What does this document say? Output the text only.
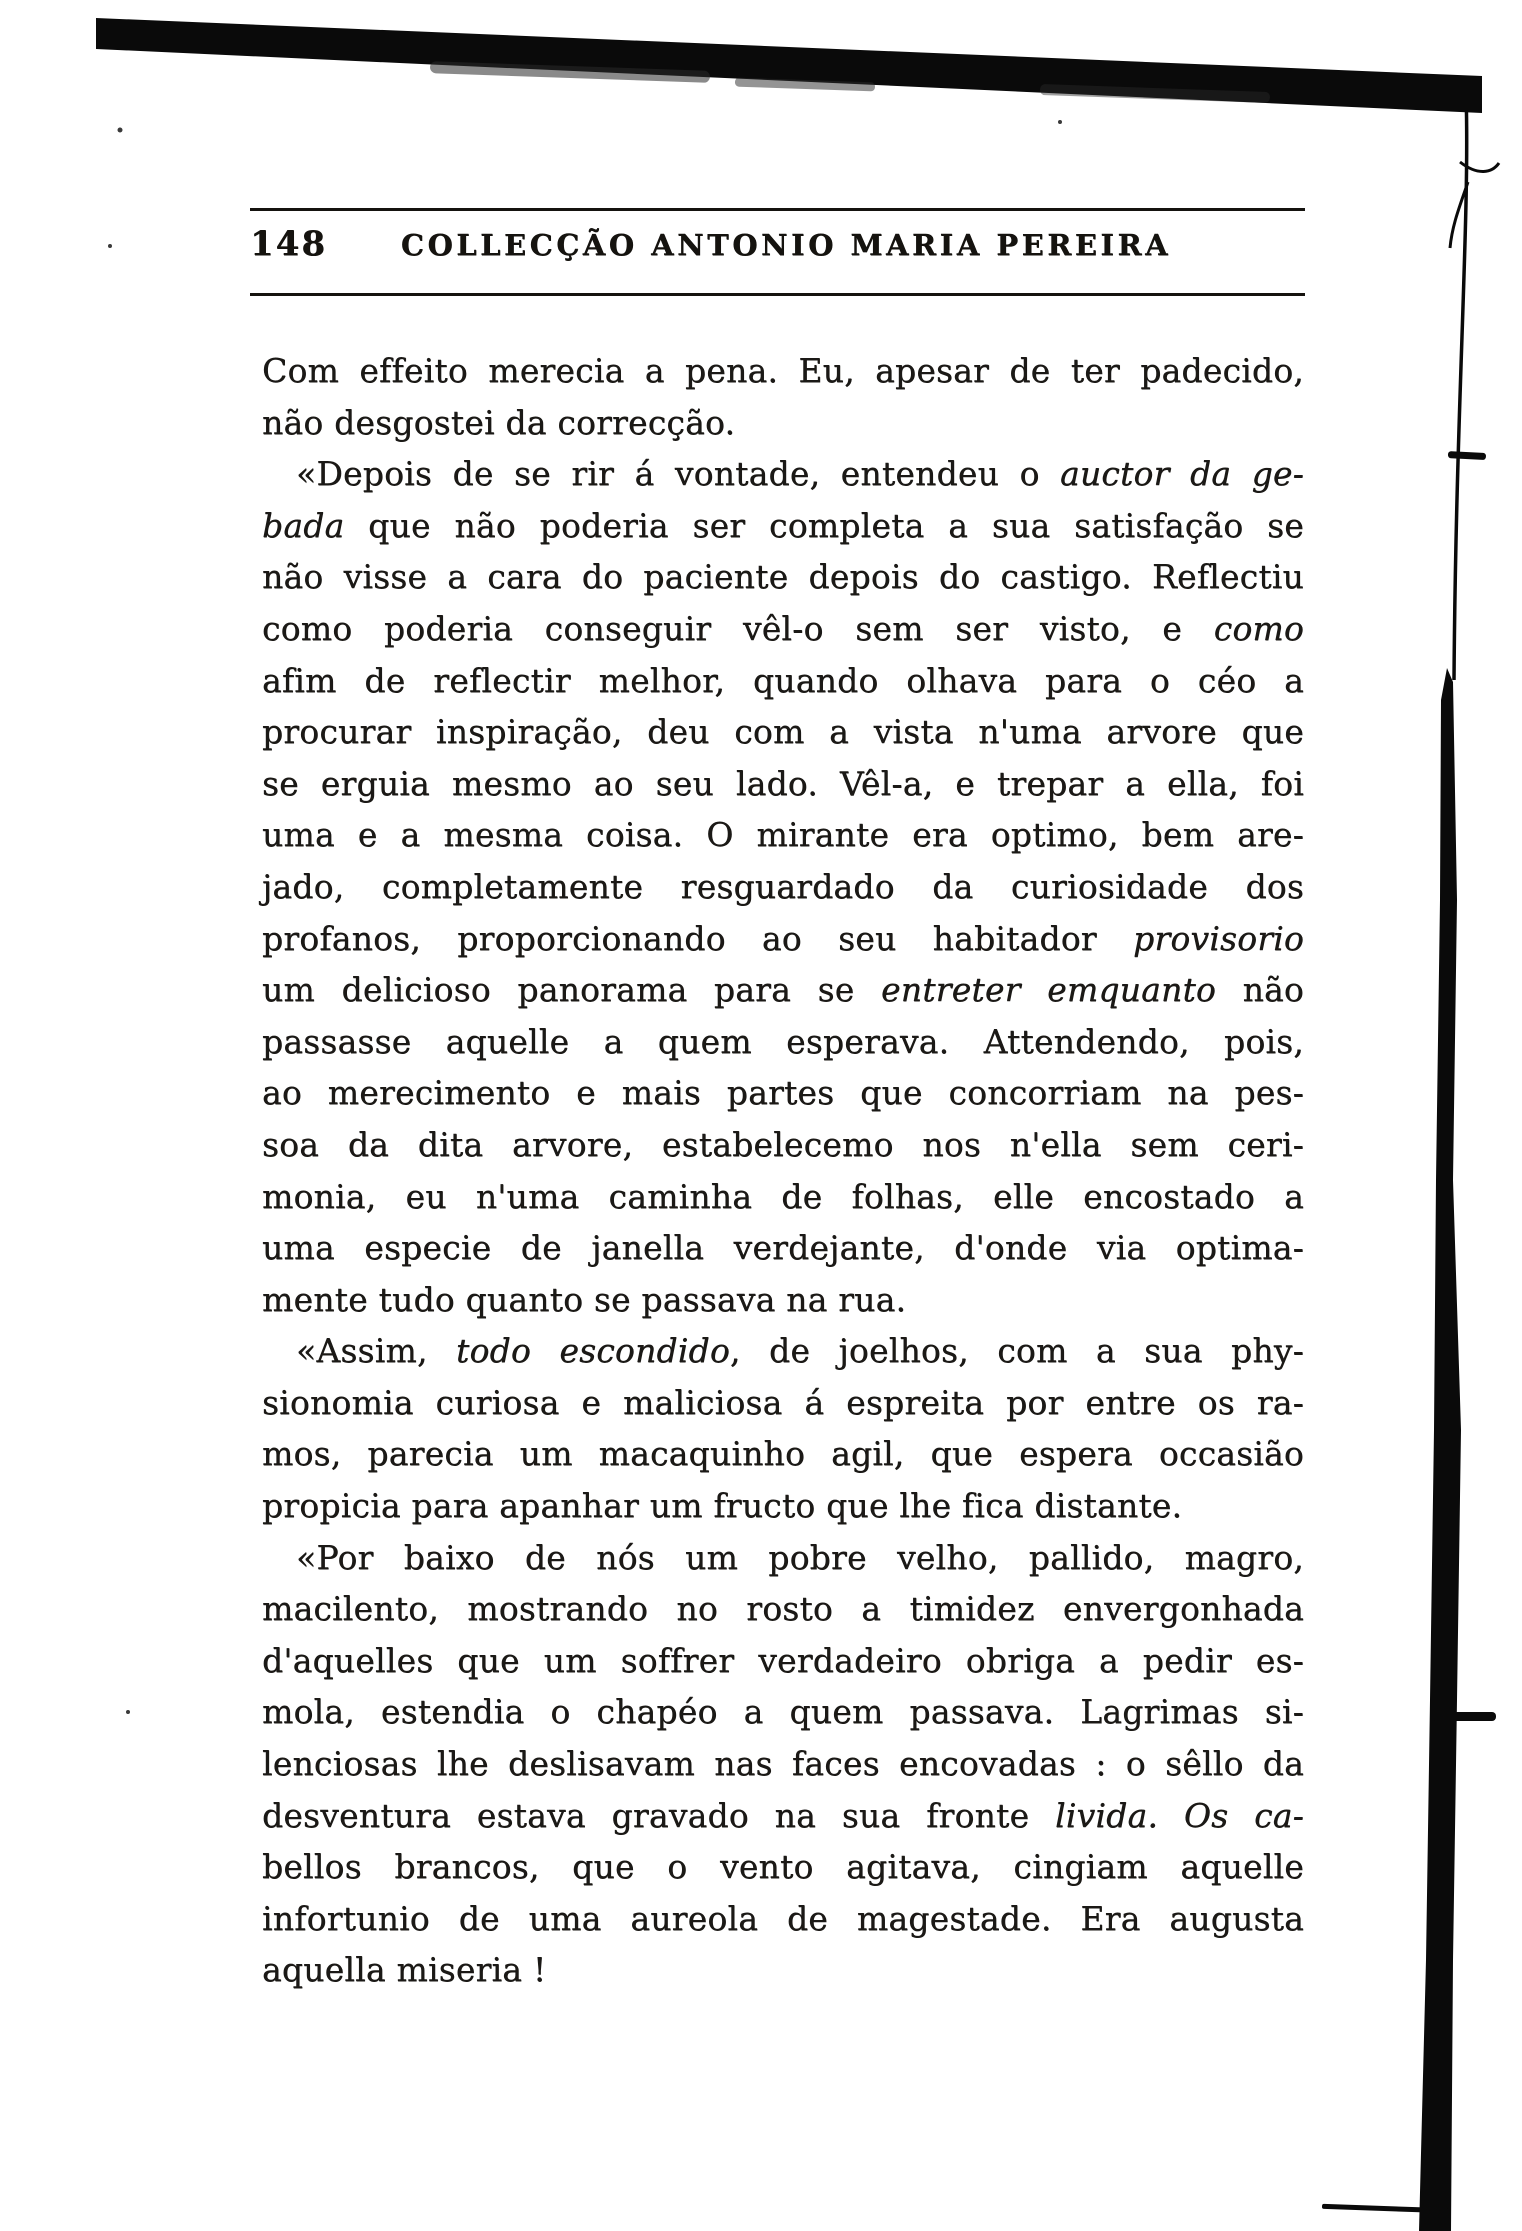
148	COLLECÇÃO ANTONIO MARIA PEREIRA
Com effeito merecia a pena. Eu, apesar de ter padecido,
não desgostei da correcção.
«Depois de se rir á vontade, entendeu o auctor da ge-
bada que não poderia ser completa a sua satisfação se
não visse a cara do paciente depois do castigo. Reflectiu
como poderia conseguir vêl-o sem ser visto, e como
afim de reflectir melhor, quando olhava para o céo a
procurar inspiração, deu com a vista n'uma arvore que
se erguia mesmo ao seu lado. Vêl-a, e trepar a ella, foi
uma e a mesma coisa. O mirante era optimo, bem are-
jado, completamente resguardado da curiosidade dos
profanos, proporcionando ao seu habitador provisorio
um delicioso panorama para se entreter emquanto não
passasse aquelle a quem esperava. Attendendo, pois,
ao merecimento e mais partes que concorriam na pes-
soa da dita arvore, estabelecemo nos n'ella sem ceri-
monia, eu n'uma caminha de folhas, elle encostado a
uma especie de janella verdejante, d'onde via optima-
mente tudo quanto se passava na rua.
«Assim, todo escondido, de joelhos, com a sua phy-
sionomia curiosa e maliciosa á espreita por entre os ra-
mos, parecia um macaquinho agil, que espera occasião
propicia para apanhar um fructo que lhe fica distante.
«Por baixo de nós um pobre velho, pallido, magro,
macilento, mostrando no rosto a timidez envergonhada
d'aquelles que um soffrer verdadeiro obriga a pedir es-
mola, estendia o chapéo a quem passava. Lagrimas si-
lenciosas lhe deslisavam nas faces encovadas : o sêllo da
desventura estava gravado na sua fronte livida. Os ca-
bellos brancos, que o vento agitava, cingiam aquelle
infortunio de uma aureola de magestade. Era augusta
aquella miseria !
